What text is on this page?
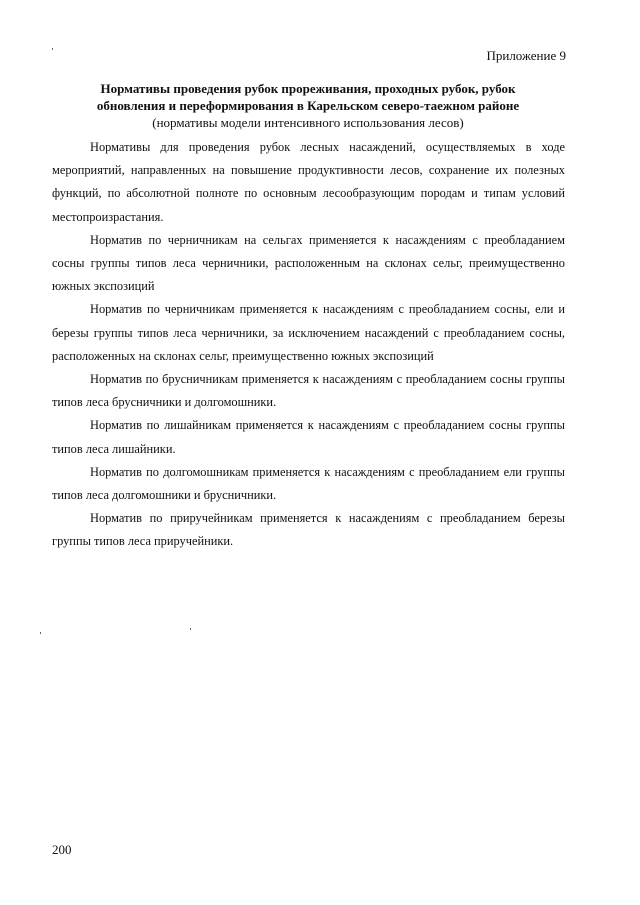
Приложение 9
Нормативы проведения рубок прореживания, проходных рубок, рубок
обновления и переформирования в Карельском северо-таежном районе
(нормативы модели интенсивного использования лесов)

Нормативы для проведения рубок лесных насаждений, осуществляемых в ходе мероприятий, направленных на повышение продуктивности лесов, сохранение их полезных функций, по абсолютной полноте по основным лесообразующим породам и типам условий местопроизрастания.

Норматив по черничникам на сельгах применяется к насаждениям с преобладанием сосны группы типов леса черничники, расположенным на склонах сельг, преимущественно южных экспозиций

Норматив по черничникам применяется к насаждениям с преобладанием сосны, ели и березы группы типов леса черничники, за исключением насаждений с преобладанием сосны, расположенных на склонах сельг, преимущественно южных экспозиций

Норматив по брусничникам применяется к насаждениям с преобладанием сосны группы типов леса брусничники и долгомошники.

Норматив по лишайникам применяется к насаждениям с преобладанием сосны группы типов леса лишайники.

Норматив по долгомошникам применяется к насаждениям с преобладанием ели группы типов леса долгомошники и брусничники.

Норматив по приручейникам применяется к насаждениям с преобладанием березы группы типов леса приручейники.

200
